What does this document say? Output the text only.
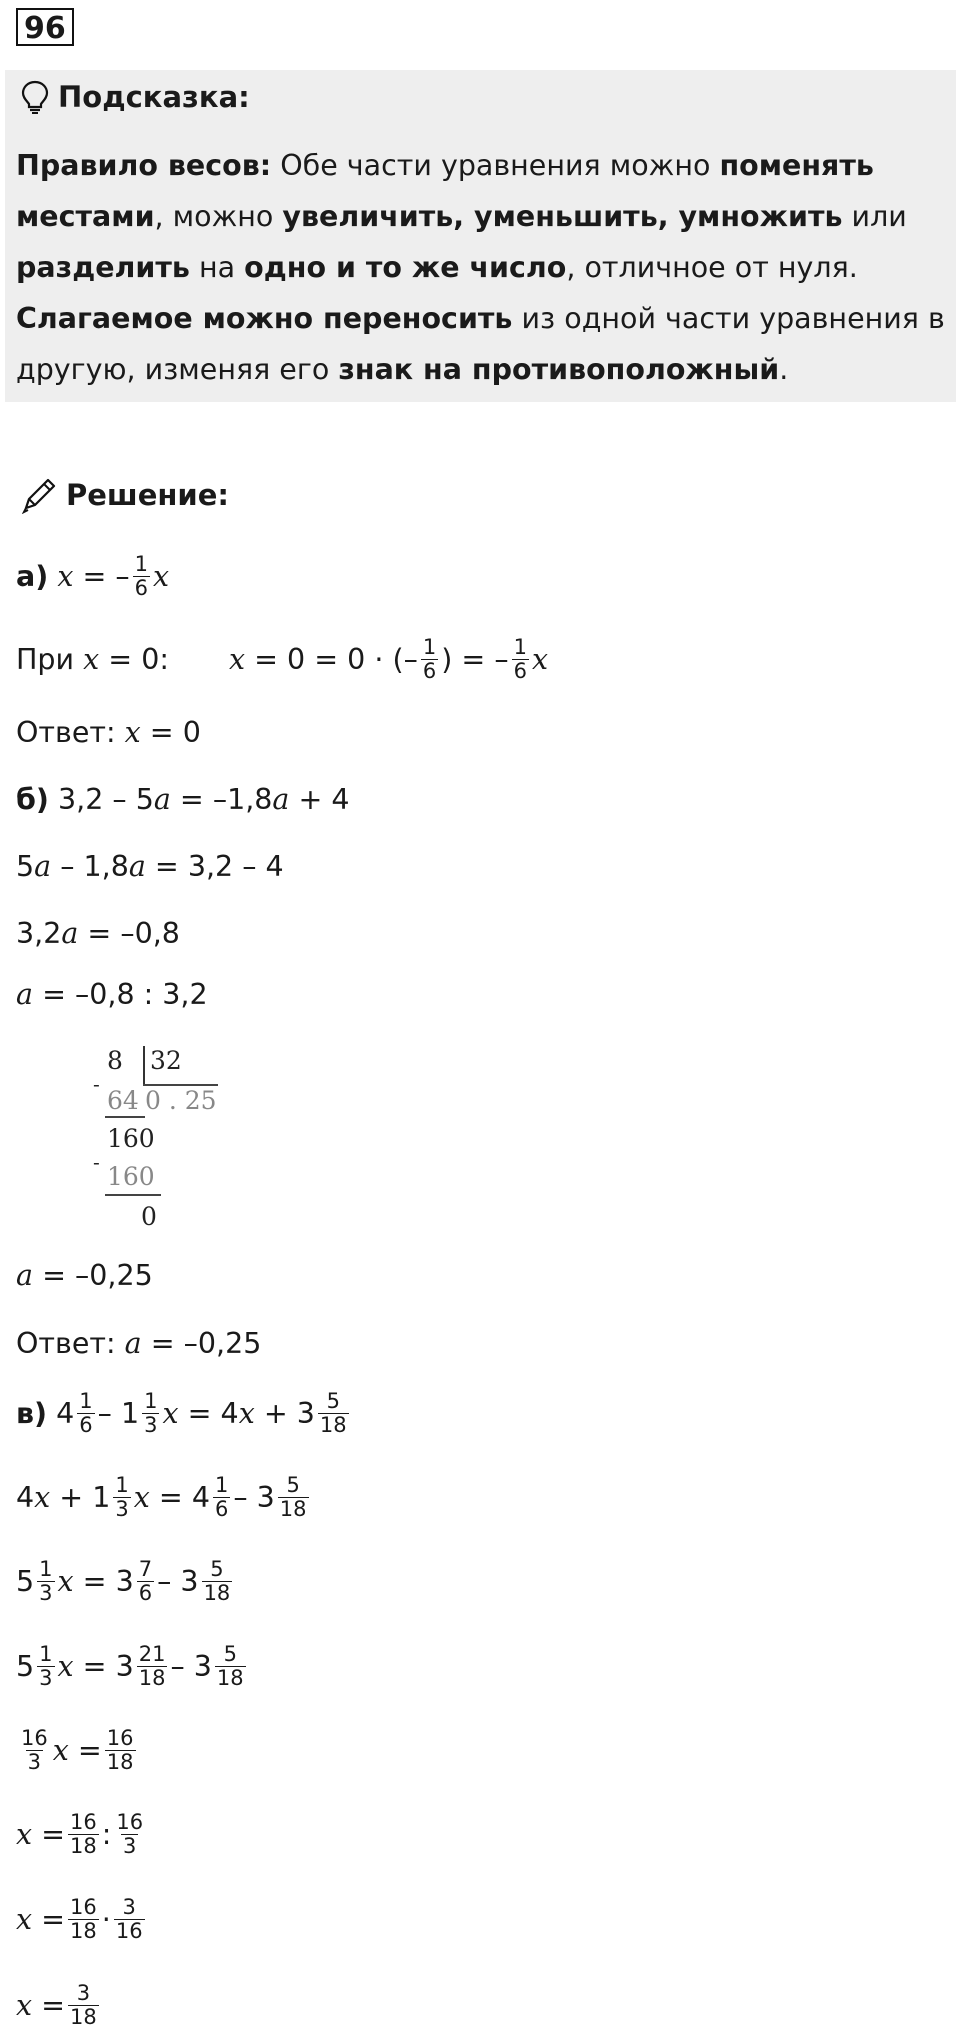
96
Подсказка:
Правило весов: Обе части уравнения можно поменять местами, можно увеличить, уменьшить, умножить или разделить на одно и то же число, отличное от нуля. Слагаемое можно переносить из одной части уравнения в другую, изменяя его знак на противоположный.
Решение:
а)
x
= – $\frac{1}{6}$ x
При
x
= 0: x
= 0 = 0 · (– $\frac{1}{6}$ ) = – $\frac{1}{6}$ x
Ответ:
x
= 0
б)
3,2 – 5 a
= –1,8 a
+ 4
5 a
– 1,8 a
= 3,2 – 4
3,2 a
= –0,8
a
= –0,8 : 3,2
8 32
-
64 0 . 25
160
- 160
0
a
= –0,25
Ответ:
a
= –0,25
в)
$4 \frac{1}{6} - 1 \frac{1}{3}$ x
= 4 x
+ $3 \frac{5}{18}$
4 x
+ $1 \frac{1}{3}$ x
= $4 \frac{1}{6} - 3 \frac{5}{18}$
$5 \frac{1}{3}$ x
= $3 \frac{7}{6} - 3 \frac{5}{18}$
$5 \frac{1}{3}$ x
= $3 \frac{21}{18} - 3 \frac{5}{18}$
$\frac{16}{3}$ x
= $\frac{16}{18}$
x
= $\frac{16}{18}$ : $\frac{16}{3}$
x
= $\frac{16}{18} \cdot \frac{3}{16}$
x
= $\frac{3}{18}$
